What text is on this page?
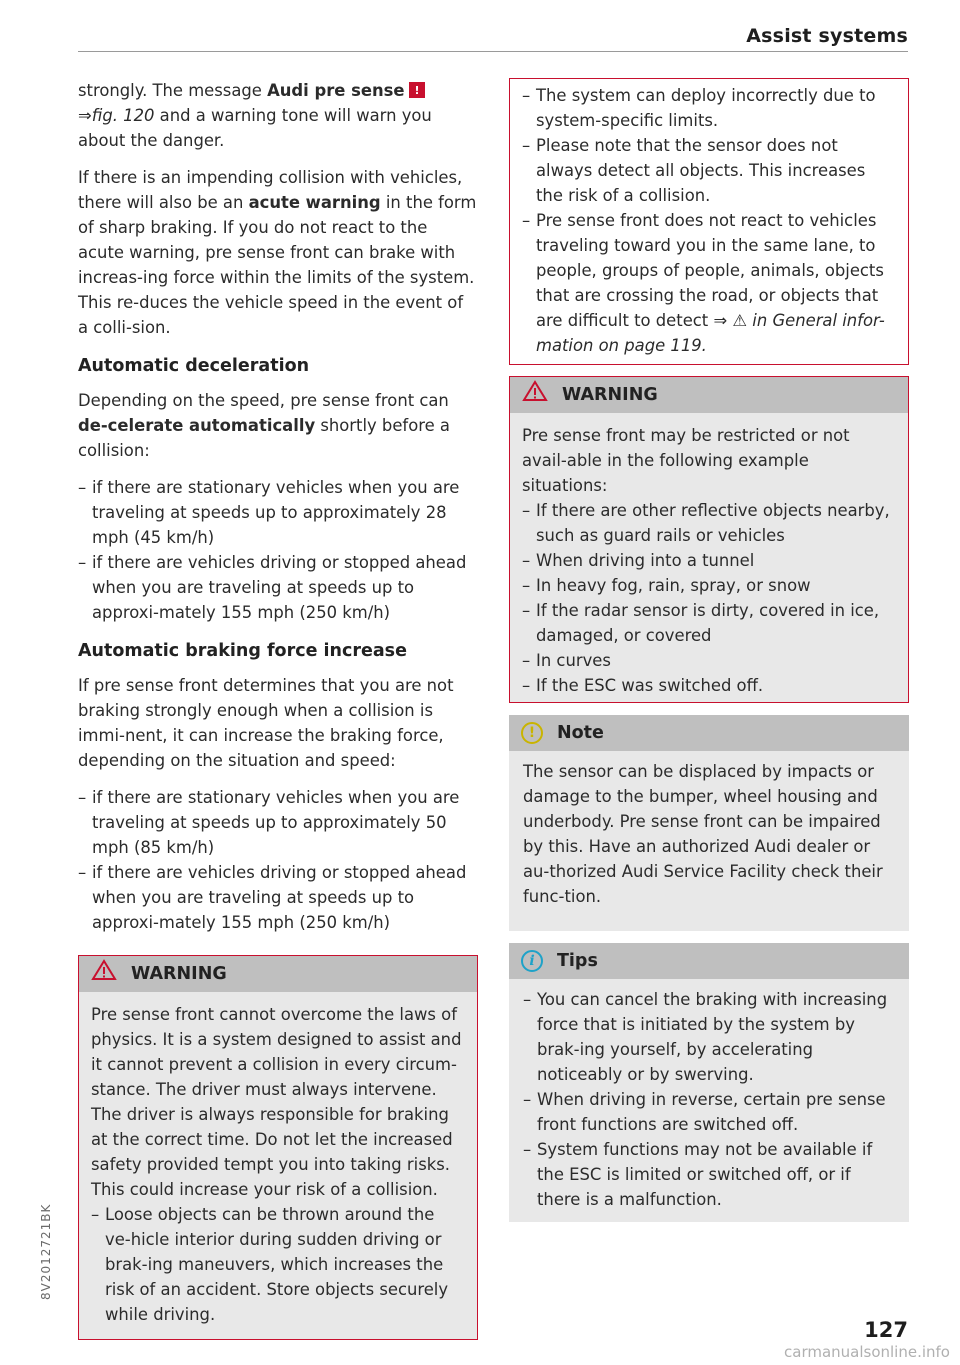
Assist systems

strongly. The message Audi pre sense!
⇒fig. 120 and a warning tone will warn you about the danger.

If there is an impending collision with vehicles, there will also be an acute warning in the form of sharp braking. If you do not react to the acute warning, pre sense front can brake with increas-ing force within the limits of the system. This re-duces the vehicle speed in the event of a colli-sion.

Automatic deceleration

Depending on the speed, pre sense front can de-celerate automatically shortly before a collision:

– if there are stationary vehicles when you are traveling at speeds up to approximately 28 mph (45 km/h)
– if there are vehicles driving or stopped ahead when you are traveling at speeds up to approxi-mately 155 mph (250 km/h)
Automatic braking force increase

If pre sense front determines that you are not braking strongly enough when a collision is immi-nent, it can increase the braking force, depending on the situation and speed:

– if there are stationary vehicles when you are traveling at speeds up to approximately 50 mph (85 km/h)
– if there are vehicles driving or stopped ahead when you are traveling at speeds up to approxi-mately 155 mph (250 km/h)
WARNING

Pre sense front cannot overcome the laws of physics. It is a system designed to assist and it cannot prevent a collision in every circum-stance. The driver must always intervene. The driver is always responsible for braking at the correct time. Do not let the increased safety provided tempt you into taking risks. This could increase your risk of a collision.

– Loose objects can be thrown around the ve-hicle interior during sudden driving or brak-ing maneuvers, which increases the risk of an accident. Store objects securely while driving.
– The system can deploy incorrectly due to system-specific limits.
– Please note that the sensor does not always detect all objects. This increases the risk of a collision.
– Pre sense front does not react to vehicles traveling toward you in the same lane, to people, groups of people, animals, objects that are crossing the road, or objects that are difficult to detect ⇒ ⚠ in General infor-mation on page 119.
WARNING

Pre sense front may be restricted or not avail-able in the following example situations:

– If there are other reflective objects nearby, such as guard rails or vehicles
– When driving into a tunnel
– In heavy fog, rain, spray, or snow
– If the radar sensor is dirty, covered in ice, damaged, or covered
– In curves
– If the ESC was switched off.
!	Note

The sensor can be displaced by impacts or damage to the bumper, wheel housing and underbody. Pre sense front can be impaired by this. Have an authorized Audi dealer or au-thorized Audi Service Facility check their func-tion.

i	Tips
– You can cancel the braking with increasing force that is initiated by the system by brak-ing yourself, by accelerating noticeably or by swerving.
– When driving in reverse, certain pre sense front functions are switched off.
– System functions may not be available if the ESC is limited or switched off, or if there is a malfunction.
8V2012721BK
127
carmanualsonline.info
